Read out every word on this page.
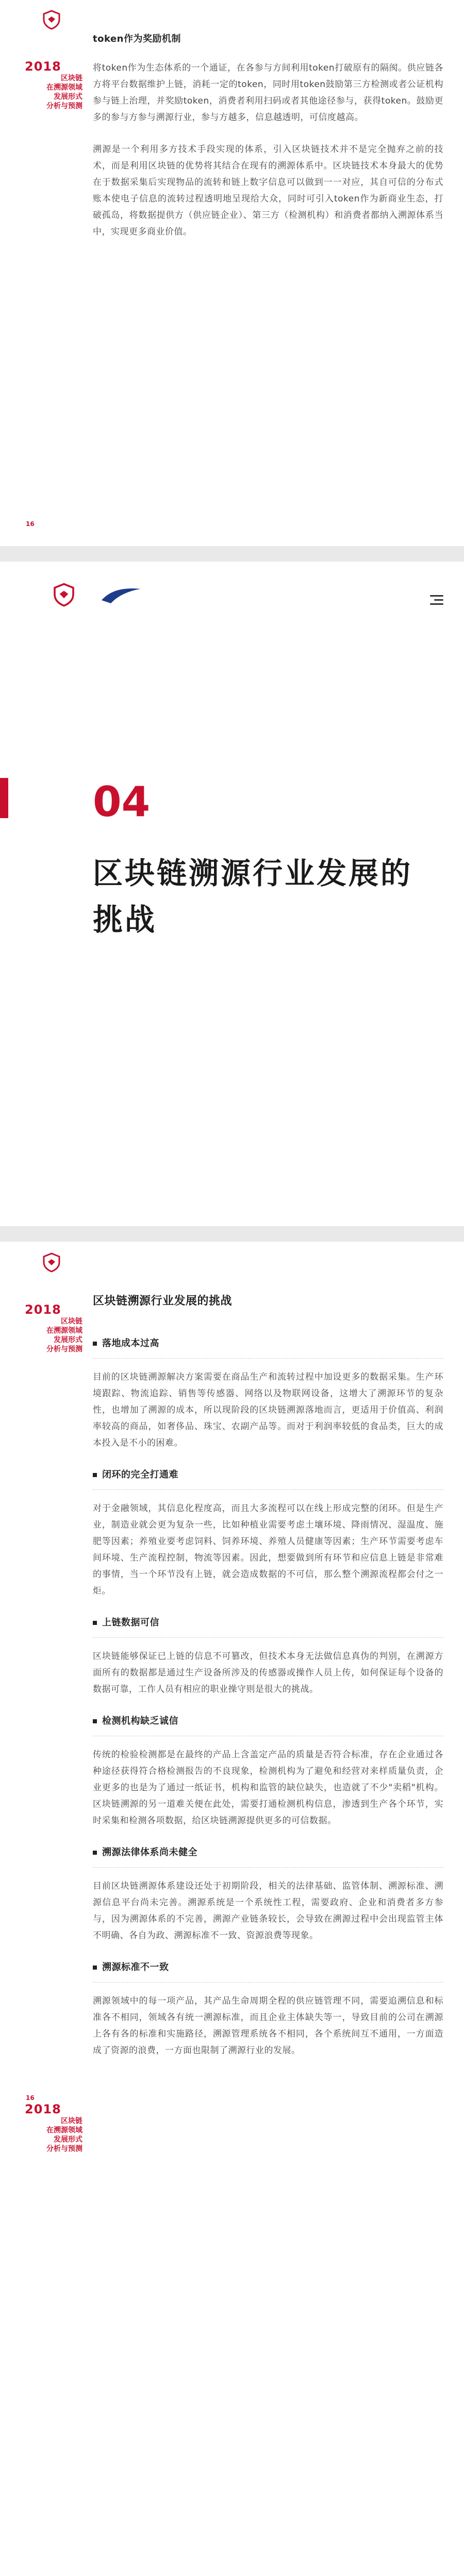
2018
区块链
在溯源领域
发展形式
分析与预测
token作为奖励机制

将token作为生态体系的一个通证，在各参与方间利用token打破原有的隔阂。供应链各方将平台数据维护上链，消耗一定的token，同时用token鼓励第三方检测或者公证机构参与链上治理，并奖励token，消费者利用扫码或者其他途径参与，获得token。鼓励更多的参与方参与溯源行业，参与方越多，信息越透明，可信度越高。

溯源是一个利用多方技术手段实现的体系，引入区块链技术并不是完全抛弃之前的技术，而是利用区块链的优势将其结合在现有的溯源体系中。区块链技术本身最大的优势在于数据采集后实现物品的流转和链上数字信息可以做到一一对应，其自可信的分布式账本使电子信息的流转过程透明地呈现给大众，同时可引入token作为新商业生态，打破孤岛，将数据提供方（供应链企业）、第三方（检测机构）和消费者都纳入溯源体系当中，实现更多商业价值。

16
04
区块链溯源行业发展的挑战
2018
区块链
在溯源领域
发展形式
分析与预测
2018
区块链
在溯源领域
发展形式
分析与预测
区块链溯源行业发展的挑战
落地成本过高

目前的区块链溯源解决方案需要在商品生产和流转过程中加设更多的数据采集。生产环境跟踪、物流追踪、销售等传感器、网络以及物联网设备，这增大了溯源环节的复杂性，也增加了溯源的成本，所以现阶段的区块链溯源落地而言，更适用于价值高、利润率较高的商品，如奢侈品、珠宝、农副产品等。而对于利润率较低的食品类，巨大的成本投入是不小的困难。

闭环的完全打通难

对于金融领域，其信息化程度高，而且大多流程可以在线上形成完整的闭环。但是生产业，制造业就会更为复杂一些，比如种植业需要考虑土壤环境、降雨情况、湿温度、施肥等因素；养殖业要考虑饲料、饲养环境、养殖人员健康等因素；生产环节需要考虑车间环境、生产流程控制，物流等因素。因此，想要做到所有环节和应信息上链是非常难的事情，当一个环节没有上链，就会造成数据的不可信，那么整个溯源流程都会付之一炬。

上链数据可信

区块链能够保证已上链的信息不可篡改，但技术本身无法做信息真伪的判别，在溯源方面所有的数据都是通过生产设备所涉及的传感器或操作人员上传，如何保证每个设备的数据可靠，工作人员有相应的职业操守则是很大的挑战。

检测机构缺乏诚信

传统的检验检测都是在最终的产品上含盖定产品的质量是否符合标准，存在企业通过各种途径获得符合格检测报告的不良现象，检测机构为了避免和经营对来样质量负责，企业更多的也是为了通过一纸证书，机构和监管的缺位缺失，也造就了不少"卖稻"机构。区块链溯源的另一道难关便在此处，需要打通检测机构信息，渗透到生产各个环节，实时采集和检测各项数据，给区块链溯源提供更多的可信数据。

溯源法律体系尚未健全

目前区块链溯源体系建设还处于初期阶段，相关的法律基础、监管体制、溯源标准、溯源信息平台尚未完善。溯源系统是一个系统性工程，需要政府、企业和消费者多方参与，因为溯源体系的不完善，溯源产业链条较长，会导致在溯源过程中会出现监管主体不明确、各自为政、溯源标准不一致、资源浪费等现象。

溯源标准不一致

溯源领域中的每一项产品，其产品生命周期全程的供应链管理不同，需要追溯信息和标准各不相同，领域各有统一溯源标准，而且企业主体缺失等一，导致目前的公司在溯源上各有各的标准和实施路径，溯源管理系统各不相同，各个系统间互不通用，一方面造成了资源的浪费，一方面也限制了溯源行业的发展。

16
